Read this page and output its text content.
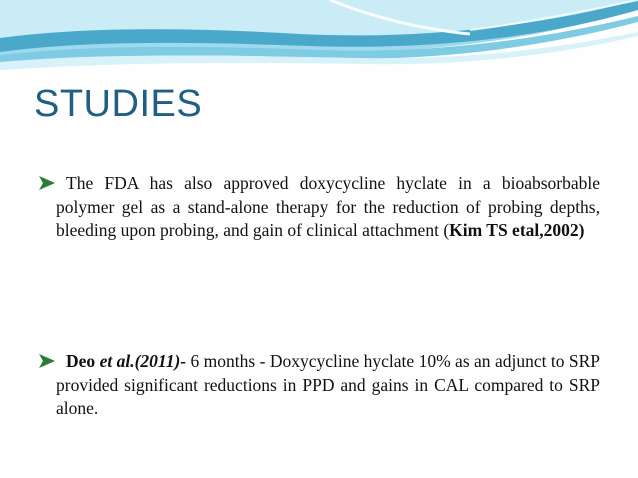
STUDIES
The FDA has also approved doxycycline hyclate in a bioabsorbable polymer gel as a stand-alone therapy for the reduction of probing depths, bleeding upon probing, and gain of clinical attachment (Kim TS etal,2002)
Deo et al.(2011)- 6 months - Doxycycline hyclate 10% as an adjunct to SRP provided significant reductions in PPD and gains in CAL compared to SRP alone.
